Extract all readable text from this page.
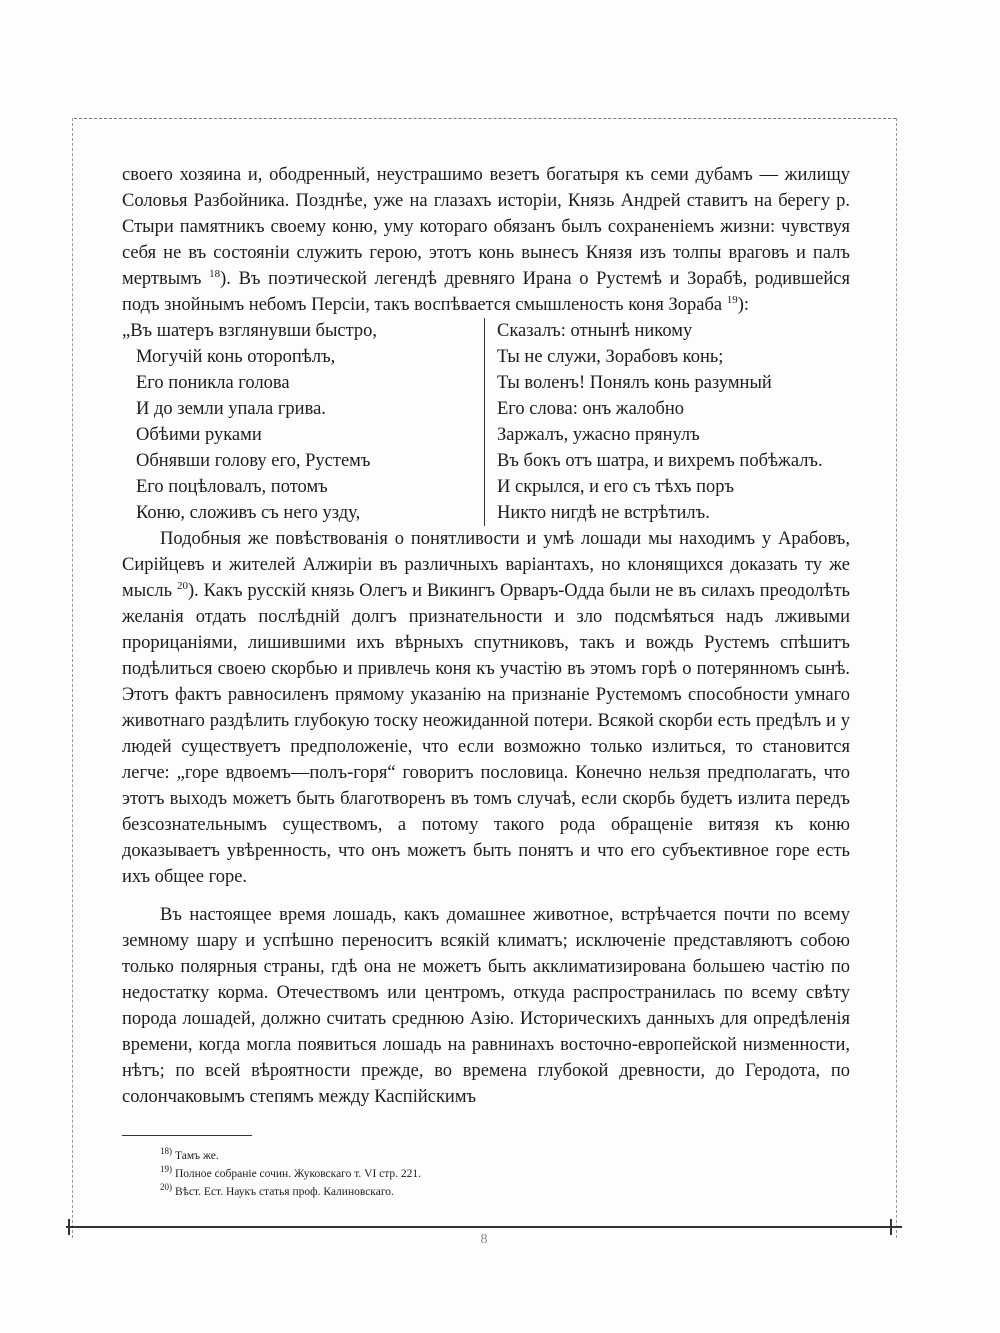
своего хозяина и, ободренный, неустрашимо везетъ богатыря къ семи дубамъ — жилищу Соловья Разбойника. Позднѣе, уже на глазахъ исторіи, Князь Андрей ставитъ на берегу р. Стыри памятникъ своему коню, уму котораго обязанъ былъ сохраненіемъ жизни: чувствуя себя не въ состояніи служить герою, этотъ конь вынесъ Князя изъ толпы враговъ и палъ мертвымъ $^{18}$). Въ поэтической легендѣ древняго Ирана о Рустемѣ и Зорабѣ, родившейся подъ знойнымъ небомъ Персіи, такъ воспѣвается смышленость коня Зораба $^{19}$):

„Въ шатеръ взглянувши быстро,
Могучій конь оторопѣлъ,
Его поникла голова
И до земли упала грива.
Обѣими руками
Обнявши голову его, Рустемъ
Его поцѣловалъ, потомъ
Коню, сложивъ съ него узду,
Сказалъ: отнынѣ никому
Ты не служи, Зорабовъ конь;
Ты воленъ! Понялъ конь разумный
Его слова: онъ жалобно
Заржалъ, ужасно прянулъ
Въ бокъ отъ шатра, и вихремъ побѣжалъ.
И скрылся, и его съ тѣхъ поръ
Никто нигдѣ не встрѣтилъ.

Подобныя же повѣствованія о понятливости и умѣ лошади мы находимъ у Арабовъ, Сирійцевъ и жителей Алжиріи въ различныхъ варіантахъ, но клонящихся доказать ту же мысль $^{20}$). Какъ русскій князь Олегъ и Викингъ Орваръ-Одда были не въ силахъ преодолѣть желанія отдать послѣдній долгъ признательности и зло подсмѣяться надъ лживыми прорицаніями, лишившими ихъ вѣрныхъ спутниковъ, такъ и вождь Рустемъ спѣшитъ подѣлиться своею скорбью и привлечь коня къ участію въ этомъ горѣ о потерянномъ сынѣ. Этотъ фактъ равносиленъ прямому указанію на признаніе Рустемомъ способности умнаго животнаго раздѣлить глубокую тоску неожиданной потери. Всякой скорби есть предѣлъ и у людей существуетъ предположеніе, что если возможно только излиться, то становится легче: „горе вдвоемъ—полъ-горя“ говоритъ пословица. Конечно нельзя предполагать, что этотъ выходъ можетъ быть благотворенъ въ томъ случаѣ, если скорбь будетъ излита передъ безсознательнымъ существомъ, а потому такого рода обращеніе витязя къ коню доказываетъ увѣренность, что онъ можетъ быть понятъ и что его субъективное горе есть ихъ общее горе.

Въ настоящее время лошадь, какъ домашнее животное, встрѣчается почти по всему земному шару и успѣшно переноситъ всякій климатъ; исключеніе представляютъ собою только полярныя страны, гдѣ она не можетъ быть акклиматизирована большею частію по недостатку корма. Отечествомъ или центромъ, откуда распространилась по всему свѣту порода лошадей, должно считать среднюю Азію. Историческихъ данныхъ для опредѣленія времени, когда могла появиться лошадь на равнинахъ восточно-европейской низменности, нѣтъ; по всей вѣроятности прежде, во времена глубокой древности, до Геродота, по солончаковымъ степямъ между Каспійскимъ

$^{18)}$ Тамъ же.
$^{19)}$ Полное собраніе сочин. Жуковскаго т. VI стр. 221.
$^{20)}$ Вѣст. Ест. Наукъ статья проф. Калиновскаго.
8
